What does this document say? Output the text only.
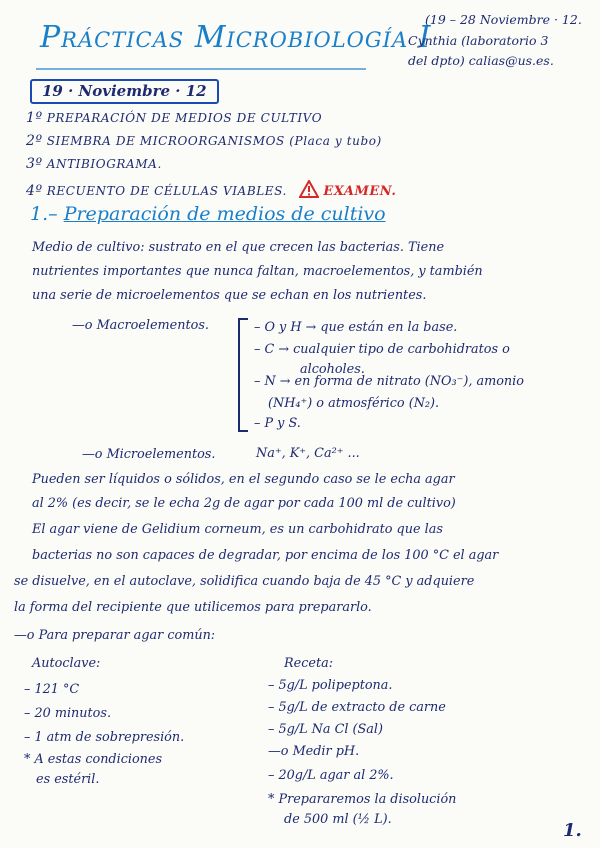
Prácticas Microbiología I
(19 – 28 Noviembre · 12.
Cynthia (laboratorio 3
del dpto) calias@us.es.
19 · Noviembre · 12
1º PREPARACIÓN DE MEDIOS DE CULTIVO
2º SIEMBRA DE MICROORGANISMOS (Placa y tubo)
3º ANTIBIOGRAMA.
4º RECUENTO DE CÉLULAS VIABLES.	EXAMEN.
1.– Preparación de medios de cultivo
Medio de cultivo: sustrato en el que crecen las bacterias. Tiene
nutrientes importantes que nunca faltan, macroelementos, y también
una serie de microelementos que se echan en los nutrientes.
—o Macroelementos.	– O y H → que están en la base.
– C → cualquier tipo de carbohidratos o
alcoholes.
– N → en forma de nitrato (NO₃⁻), amonio
(NH₄⁺) o atmosférico (N₂).
– P y S.
—o Microelementos.	Na⁺, K⁺, Ca²⁺ ...
Pueden ser líquidos o sólidos, en el segundo caso se le echa agar
al 2% (es decir, se le echa 2g de agar por cada 100 ml de cultivo)
El agar viene de Gelidium corneum, es un carbohidrato que las
bacterias no son capaces de degradar, por encima de los 100 °C el agar
se disuelve, en el autoclave, solidifica cuando baja de 45 °C y adquiere
la forma del recipiente que utilicemos para prepararlo.
—o Para preparar agar común:
Autoclave:
– 121 °C
– 20 minutos.
– 1 atm de sobrepresión.
* A estas condiciones
es estéril.
Receta:
– 5g/L polipeptona.
– 5g/L de extracto de carne
– 5g/L Na Cl (Sal)
—o Medir pH.
– 20g/L agar al 2%.
* Prepararemos la disolución
de 500 ml (½ L).
1.
